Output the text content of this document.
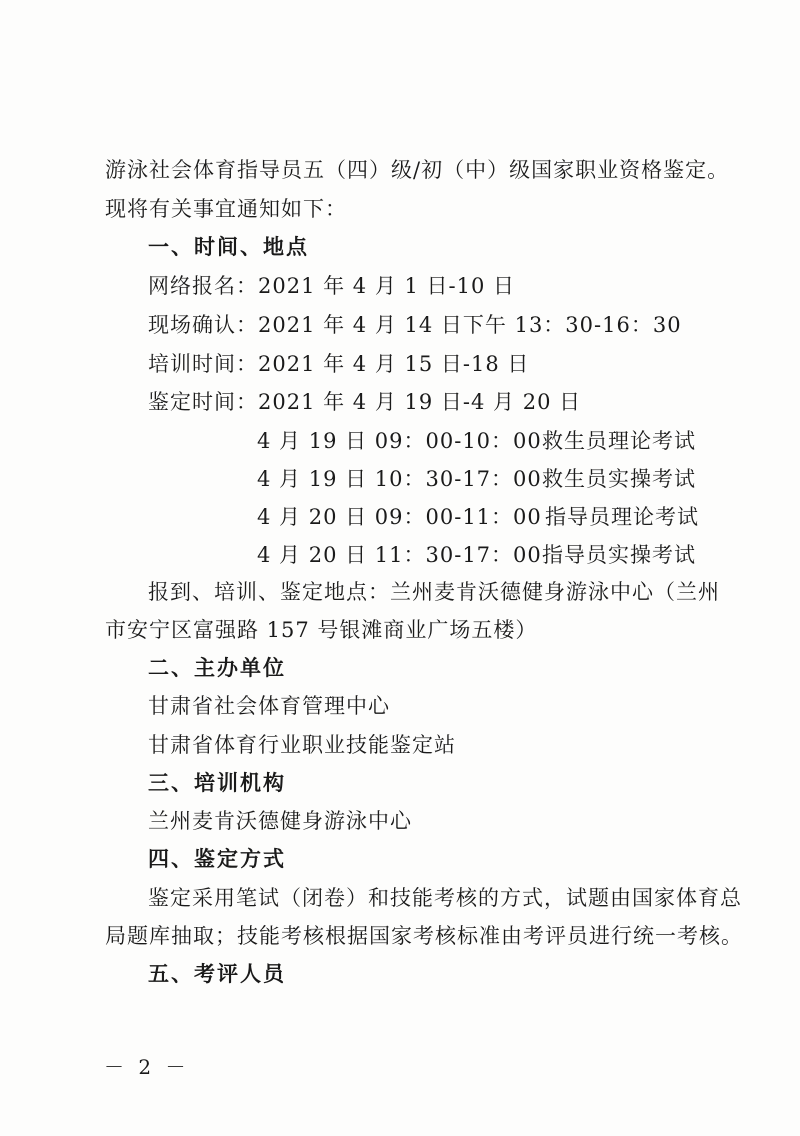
游泳社会体育指导员五（四）级/初（中）级国家职业资格鉴定。
现将有关事宜通知如下：
一、时间、地点
网络报名：2021 年 4 月 1 日-10 日
现场确认：2021 年 4 月 14 日下午 13：30-16：30
培训时间：2021 年 4 月 15 日-18 日
鉴定时间：2021 年 4 月 19 日-4 月 20 日
4 月 19 日 09：00-10：00 救生员理论考试
4 月 19 日 10：30-17：00 救生员实操考试
4 月 20 日 09：00-11：00 指导员理论考试
4 月 20 日 11：30-17：00 指导员实操考试
报到、培训、鉴定地点：兰州麦肯沃德健身游泳中心（兰州
市安宁区富强路 157 号银滩商业广场五楼）
二、主办单位
甘肃省社会体育管理中心
甘肃省体育行业职业技能鉴定站
三、培训机构
兰州麦肯沃德健身游泳中心
四、鉴定方式
鉴定采用笔试（闭卷）和技能考核的方式，试题由国家体育总
局题库抽取；技能考核根据国家考核标准由考评员进行统一考核。
五、考评人员
－ 2 －
